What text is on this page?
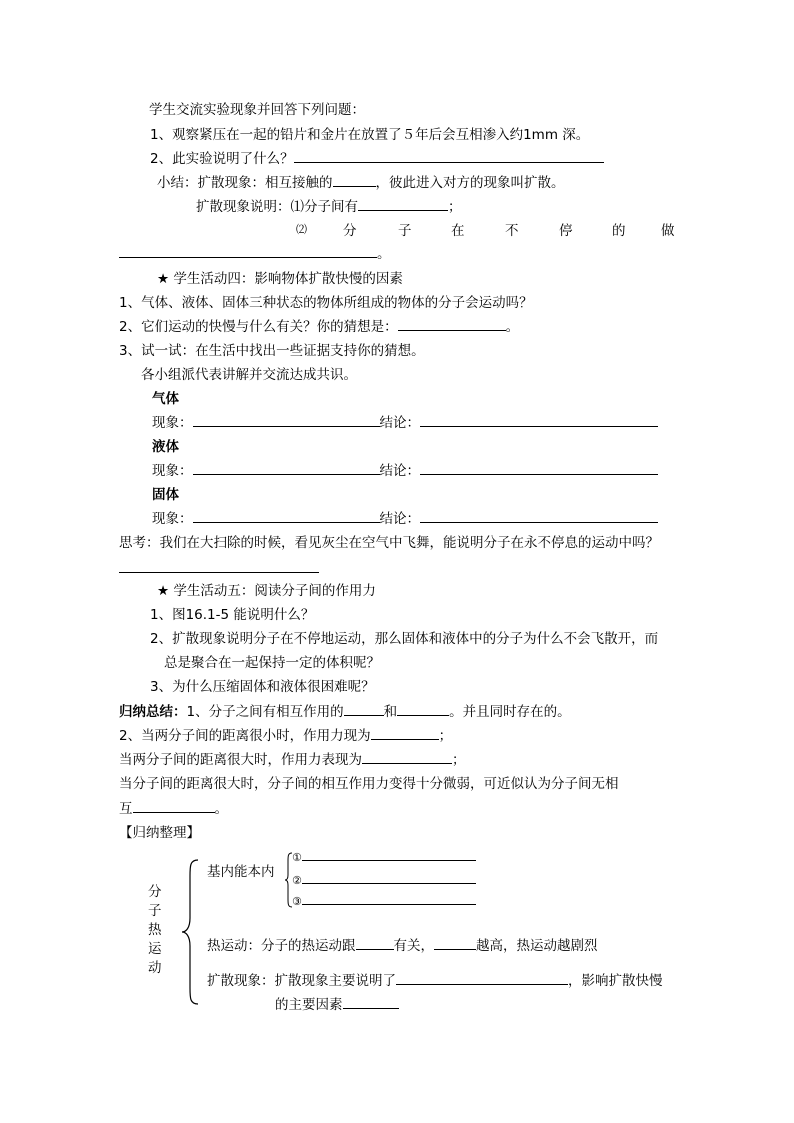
学生交流实验现象并回答下列问题：
1、观察紧压在一起的铅片和金片在放置了５年后会互相渗入约1mm 深。
2、此实验说明了什么？
小结：扩散现象：相互接触的	，彼此进入对方的现象叫扩散。
扩散现象说明：⑴分子间有	；
⑵	分	子	在	不	停	的	做
。
★ 学生活动四：影响物体扩散快慢的因素
1、气体、液体、固体三种状态的物体所组成的物体的分子会运动吗？
2、它们运动的快慢与什么有关？你的猜想是：	。
3、试一试：在生活中找出一些证据支持你的猜想。
各小组派代表讲解并交流达成共识。
气体
现象：	结论：
液体
现象：	结论：
固体
现象：	结论：
思考：我们在大扫除的时候，看见灰尘在空气中飞舞，能说明分子在永不停息的运动中吗？
★ 学生活动五：阅读分子间的作用力
1、图16.1-5 能说明什么？
2、扩散现象说明分子在不停地运动，那么固体和液体中的分子为什么不会飞散开，而
总是聚合在一起保持一定的体积呢？
3、为什么压缩固体和液体很困难呢？
归纳总结：1、分子之间有相互作用的	和	。并且同时存在的。
2、当两分子间的距离很小时，作用力现为	；
当两分子间的距离很大时，作用力表现为	；
当分子间的距离很大时，分子间的相互作用力变得十分微弱，可近似认为分子间无相
互	。
【归纳整理】
分
子
热
运
动
基内能本内
①
②
③
热运动：分子的热运动跟	有关，	越高，热运动越剧烈
扩散现象：扩散现象主要说明了	，影响扩散快慢
的主要因素
